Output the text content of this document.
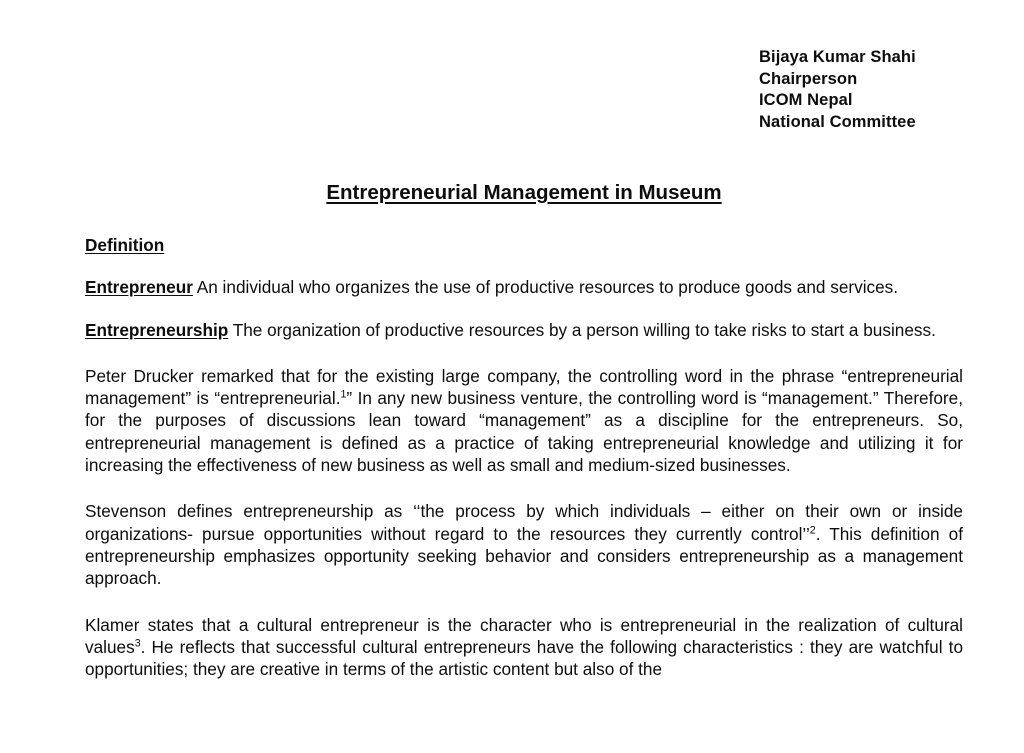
Bijaya Kumar Shahi
Chairperson
ICOM Nepal
National Committee
Entrepreneurial Management in Museum
Definition

Entrepreneur An individual who organizes the use of productive resources to produce goods and services.

Entrepreneurship The organization of productive resources by a person willing to take risks to start a business.

Peter Drucker remarked that for the existing large company, the controlling word in the phrase “entrepreneurial management” is “entrepreneurial.$^1$” In any new business venture, the controlling word is “management.” Therefore, for the purposes of discussions lean toward “management” as a discipline for the entrepreneurs. So, entrepreneurial management is defined as a practice of taking entrepreneurial knowledge and utilizing it for increasing the effectiveness of new business as well as small and medium-sized businesses.

Stevenson defines entrepreneurship as ‘‘the process by which individuals – either on their own or inside organizations- pursue opportunities without regard to the resources they currently control’’$^2$. This definition of entrepreneurship emphasizes opportunity seeking behavior and considers entrepreneurship as a management approach.

Klamer states that a cultural entrepreneur is the character who is entrepreneurial in the realization of cultural values$^3$. He reflects that successful cultural entrepreneurs have the following characteristics : they are watchful to opportunities; they are creative in terms of the artistic content but also of the
